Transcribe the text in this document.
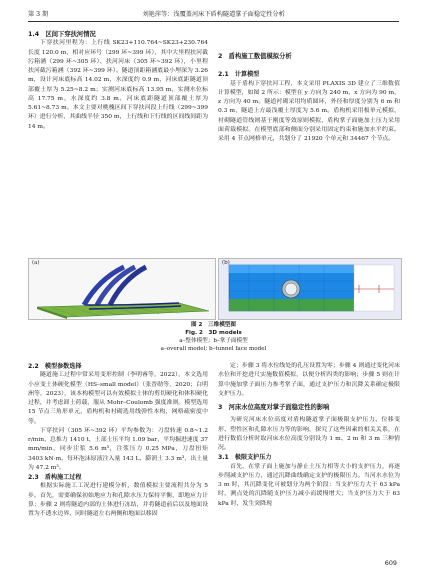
第 3 期	刘艳萍等：浅覆盖河床下盾构隧道掌子面稳定性分析

1.4　区间下穿扶河情况

下穿扶河里程为：上行线 SK23+110.764~SK23+230.764 长度 120.0 m，相对应环号（299 环~399 环），其中大里程扶河截污箱涵（299 环~305 环）、扶河河床（305 环~392 环），小里程扶河截污箱涵（392 环~399 环）。隧道顶距箱涵底最小埋深为 3.26 m，设计河床底标高 14.02 m，水深度约 0.9 m，河床底距隧道顶部覆土厚为 5.25~8.2 m；实测河床底标高 13.95 m，实测水位标高 17.75 m，水深度约 3.8 m，河床底距隧道顶部覆土厚为 5.61~8.73 m。本文主要对桃槐区间下穿扶河段上行线（299~399 环）进行分析，其曲线半径 350 m，上行线和下行线的区间线间距为 14 m。

2　盾构施工数值模拟分析

2.1　计算模型

基于盾构下穿扶河工程，本文采用 PLAXIS 3D 建立了三维数值计算模型，如图 2 所示：模型在 y 方向为 240 m，x 方向为 90 m，z 方向为 40 m。隧道衬砌采用均质圆环，外径和厚度分别为 6 m 和 0.3 m，隧道上方最浅覆土厚度为 5.6 m。盾构机采用板单元模拟，衬砌隧道管线则基于刚度等效原则模拟，盾构掌子面施加土压力采用面荷载模拟。在模型底部和侧面分别采用固定约束和施加水平约束。采用 4 节点网格单元，共划分了 21920 个单元和 34467 个节点。

(a)	(b)
图 2　三维模型图
Fig. 2　3D models
a–整体模型；b–掌子面模型
a–overall model; b–tunnel face model

2.2　模型参数选择

隧道施工过程中常采用变形控制（李明睿等，2022），本文选用小应变土体硬化模型（HS–small model）（张晋勋等，2020；白明洲等，2023），该本构模型可以有效模拟土体的剪切硬化和体积硬化过程，并考虑卸土荷载，服从 Mohr–Coulomb 强度准则。模型选用 15 节点三角形单元，盾构机和衬砌选用线弹性本构，网格疏密度中等。

下穿扶河（305 环~392 环）平均参数为：刀盘转速 0.8~1.2 r/min，总推力 1410 t，土部土压平均 1.09 bar，平均掘进速度 37 mm/min，同步注浆 5.6 m³，注浆压力 0.25 MPa，刀盘扭矩 3403 kN·m，每环泡沫原液注入量 143 L，膨润土 3.3 m³，出土量为 47.2 m³。

2.3　盾构施工过程

根据实际施工工况进行建模分析，数值模拟主要流程共分为 5 步。首先，需要确保初始地应力和孔隙水压力保持平衡，即地应力计算；步骤 2 则将隧道内部的土体进行冻结，并将隧道前后以及地面设置为不透水边界，同时隧道左右两侧和地面以移固

定；步骤 3 将水位线处的孔压设置为零；步骤 4 则通过变化河床水位和开挖进尺实施数值模拟，以便分析四类的影响；步骤 5 则在计算中施加掌子面压力参考掌子面，通过支护压力和沉降关系确定极限支护压力。

3　河床水位高度对掌子面稳定性的影响

为研究河床水位高度对盾构隧道掌子面极限支护压力、位移变形、塑性区和孔隙水压力等的影响，探究了这些因素的相关关系，在进行数值分析时取河床水位高度分别设为 1 m、2 m 和 3 m 三种情况。

3.1　极限支护压力

首先，在掌子面上施加与静止土压力相等大小的支护压力，再逐步削减支护压力，通过沉降曲线确定支护的极限压力。当河水水位为 3 m 时，其沉降变化可被划分为两个阶段：当支护压力大于 63 kPa 时，测点处的沉降随支护压力减小而缓慢增大；当支护压力大于 63 kPa 时，发生突降现

609
